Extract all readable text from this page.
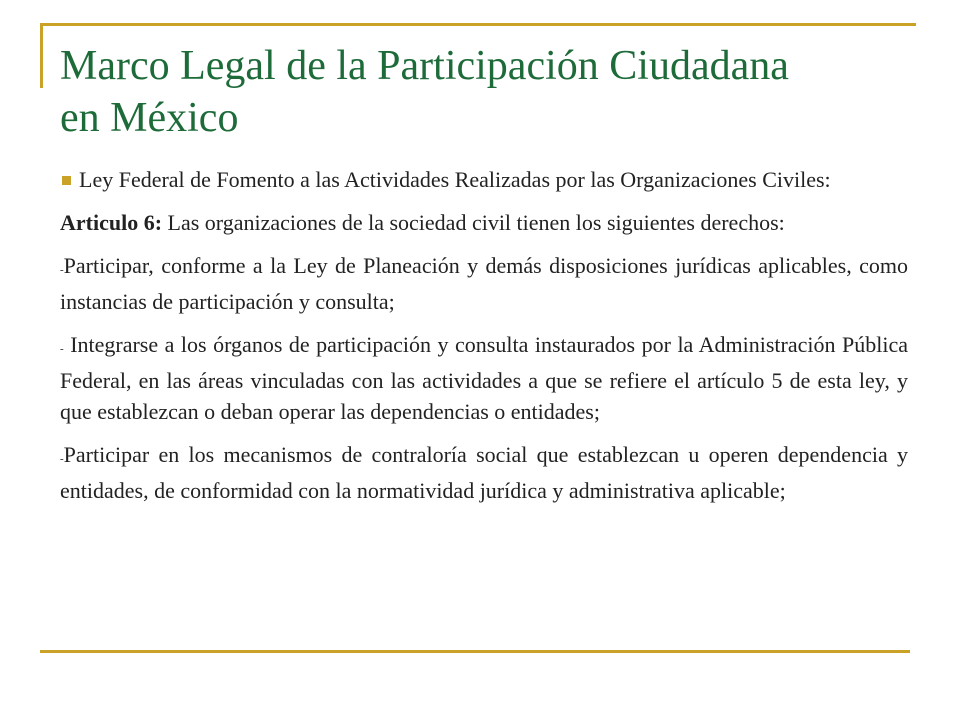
Marco Legal de la Participación Ciudadana
en México

Ley Federal de Fomento a las Actividades Realizadas por las Organizaciones Civiles:

Articulo 6: Las organizaciones de la sociedad civil tienen los siguientes derechos:

-Participar, conforme a la Ley de Planeación y demás disposiciones jurídicas aplicables, como instancias de participación y consulta;

- Integrarse a los órganos de participación y consulta instaurados por la Administración Pública Federal, en las áreas vinculadas con las actividades a que se refiere el artículo 5 de esta ley, y que establezcan o deban operar las dependencias o entidades;

-Participar en los mecanismos de contraloría social que establezcan u operen dependencia y entidades, de conformidad con la normatividad jurídica y administrativa aplicable;
